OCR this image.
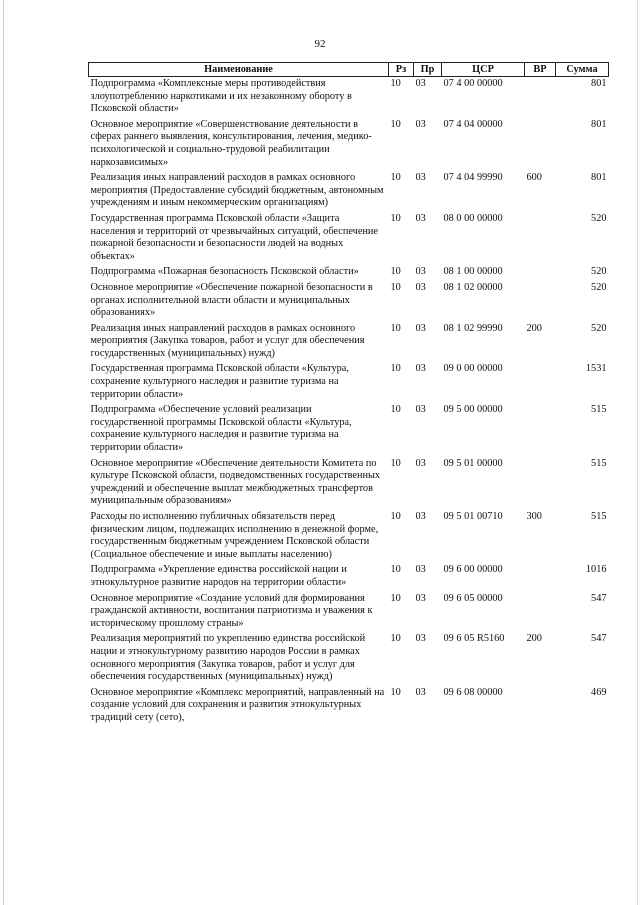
92
Наименование	Рз	Пр	ЦСР	ВР	Сумма
Подпрограмма «Комплексные меры противодействия злоупотреблению наркотиками и их незаконному обороту в Псковской области»	10	03	07 4 00 00000		801
Основное мероприятие «Совершенствование деятельности в сферах раннего выявления, консультирования, лечения, медико-психологической и социально-трудовой реабилитации наркозависимых»	10	03	07 4 04 00000		801
Реализация иных направлений расходов в рамках основного мероприятия (Предоставление субсидий бюджетным, автономным учреждениям и иным некоммерческим организациям)	10	03	07 4 04 99990	600	801
Государственная программа Псковской области «Защита населения и территорий от чрезвычайных ситуаций, обеспечение пожарной безопасности и безопасности людей на водных объектах»	10	03	08 0 00 00000		520
Подпрограмма «Пожарная безопасность Псковской области»	10	03	08 1 00 00000		520
Основное мероприятие «Обеспечение пожарной безопасности в органах исполнительной власти области и муниципальных образованиях»	10	03	08 1 02 00000		520
Реализация иных направлений расходов в рамках основного мероприятия (Закупка товаров, работ и услуг для обеспечения государственных (муниципальных) нужд)	10	03	08 1 02 99990	200	520
Государственная программа Псковской области «Культура, сохранение культурного наследия и развитие туризма на территории области»	10	03	09 0 00 00000		1531
Подпрограмма «Обеспечение условий реализации государственной программы Псковской области «Культура, сохранение культурного наследия и развитие туризма на территории области»	10	03	09 5 00 00000		515
Основное мероприятие «Обеспечение деятельности Комитета по культуре Псковской области, подведомственных государственных учреждений и обеспечение выплат межбюджетных трансфертов муниципальным образованиям»	10	03	09 5 01 00000		515
Расходы по исполнению публичных обязательств перед физическим лицом, подлежащих исполнению в денежной форме, государственным бюджетным учреждением Псковской области (Социальное обеспечение и иные выплаты населению)	10	03	09 5 01 00710	300	515
Подпрограмма «Укрепление единства российской нации и этнокультурное развитие народов на территории области»	10	03	09 6 00 00000		1016
Основное мероприятие «Создание условий для формирования гражданской активности, воспитания патриотизма и уважения к историческому прошлому страны»	10	03	09 6 05 00000		547
Реализация мероприятий по укреплению единства российской нации и этнокультурному развитию народов России в рамках основного мероприятия (Закупка товаров, работ и услуг для обеспечения государственных (муниципальных) нужд)	10	03	09 6 05 R5160	200	547
Основное мероприятие «Комплекс мероприятий, направленный на создание условий для сохранения и развития этнокультурных традиций сету (сето),	10	03	09 6 08 00000		469
